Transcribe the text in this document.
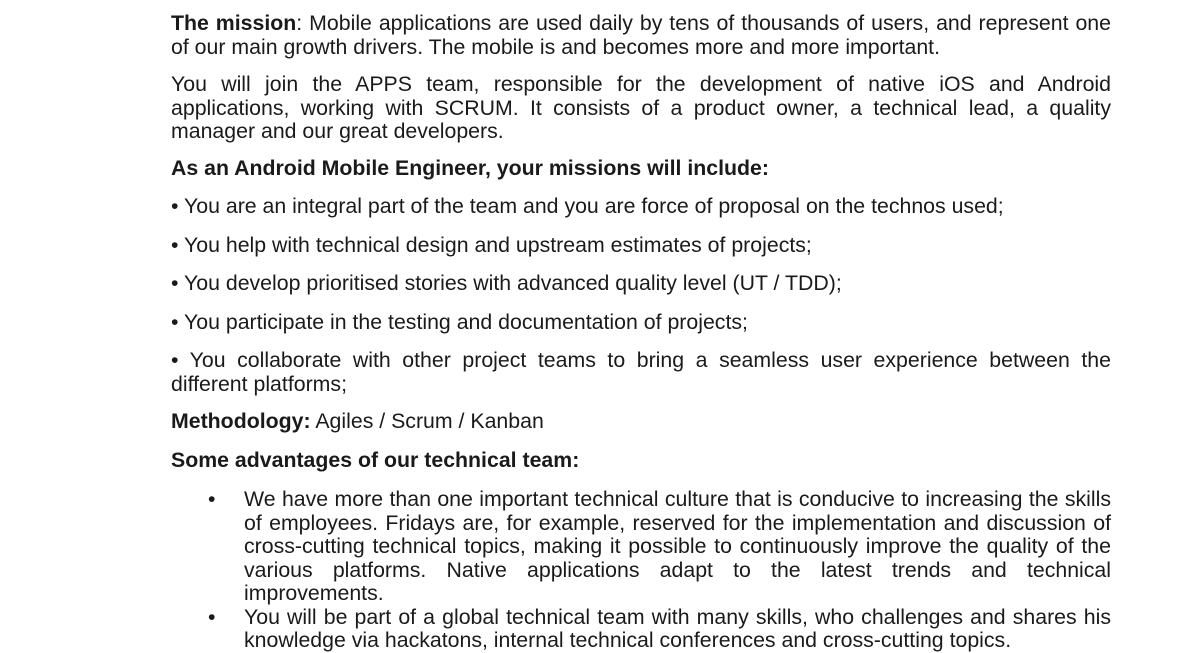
The mission: Mobile applications are used daily by tens of thousands of users, and represent one of our main growth drivers. The mobile is and becomes more and more important.

You will join the APPS team, responsible for the development of native iOS and Android applications, working with SCRUM. It consists of a product owner, a technical lead, a quality manager and our great developers.

As an Android Mobile Engineer, your missions will include:

• You are an integral part of the team and you are force of proposal on the technos used;

• You help with technical design and upstream estimates of projects;

• You develop prioritised stories with advanced quality level (UT / TDD);

• You participate in the testing and documentation of projects;

• You collaborate with other project teams to bring a seamless user experience between the different platforms;

Methodology: Agiles / Scrum / Kanban

Some advantages of our technical team:

• We have more than one important technical culture that is conducive to increasing the skills of employees. Fridays are, for example, reserved for the implementation and discussion of cross-cutting technical topics, making it possible to continuously improve the quality of the various platforms. Native applications adapt to the latest trends and technical improvements.
• You will be part of a global technical team with many skills, who challenges and shares his knowledge via hackatons, internal technical conferences and cross-cutting topics.
